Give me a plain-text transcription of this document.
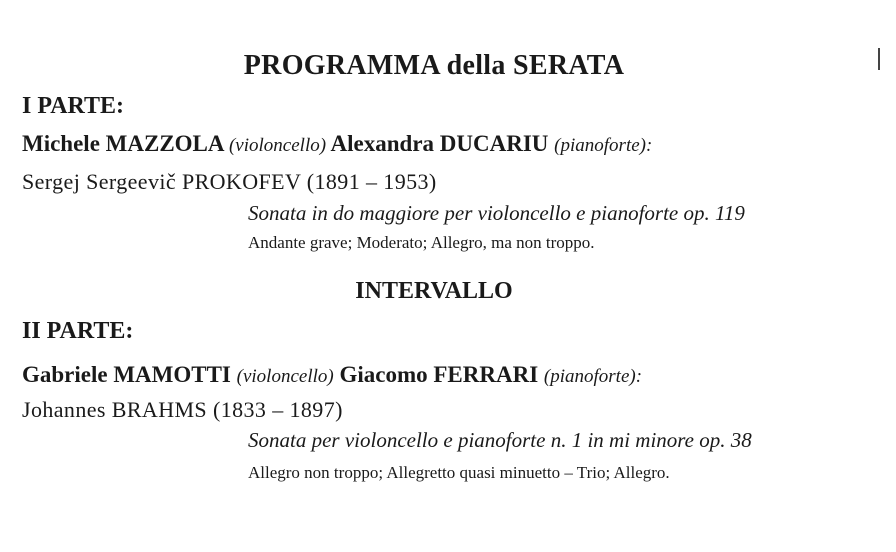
PROGRAMMA della SERATA
I PARTE:
Michele MAZZOLA (violoncello) Alexandra DUCARIU (pianoforte):
Sergej Sergeevič PROKOFEV (1891 – 1953)
Sonata in do maggiore per violoncello e pianoforte op. 119
Andante grave; Moderato; Allegro, ma non troppo.
INTERVALLO
II PARTE:
Gabriele MAMOTTI (violoncello) Giacomo FERRARI (pianoforte):
Johannes BRAHMS (1833 – 1897)
Sonata per violoncello e pianoforte n. 1 in mi minore op. 38
Allegro non troppo; Allegretto quasi minuetto – Trio; Allegro.
